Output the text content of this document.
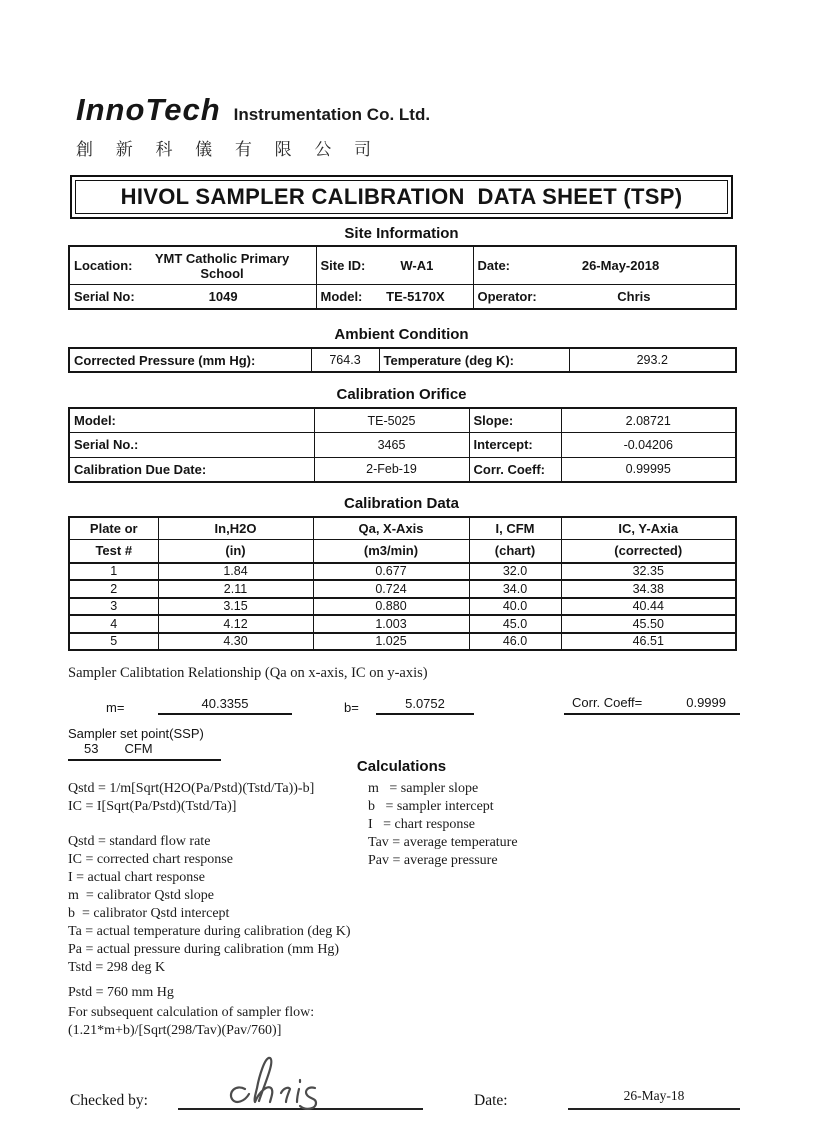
InnoTech Instrumentation Co. Ltd.
創 新 科 儀 有 限 公 司
HIVOL SAMPLER CALIBRATION  DATA SHEET (TSP)
Site Information
Location: YMT Catholic Primary
School	Site ID: W-A1	Date: 26-May-2018

Serial No: 1049	Model: TE-5170X	Operator: Chris
Ambient Condition
Corrected Pressure (mm Hg):	764.3	Temperature (deg K):	293.2
Calibration Orifice
Model:	TE-5025	Slope:	2.08721
Serial No.:	3465	Intercept:	-0.04206
Calibration Due Date:	2-Feb-19	Corr. Coeff:	0.99995
Calibration Data
Plate or	In,H2O	Qa, X-Axis	I, CFM	IC, Y-Axia
Test #	(in)	(m3/min)	(chart)	(corrected)
1	1.84	0.677	32.0	32.35
2	2.11	0.724	34.0	34.38
3	3.15	0.880	40.0	40.44
4	4.12	1.003	45.0	45.50
5	4.30	1.025	46.0	46.51
Sampler Calibtation Relationship (Qa on x-axis, IC on y-axis)
m=	40.3355	b=	5.0752	Corr. Coeff=	0.9999
Sampler set point(SSP)
53 CFM
Calculations
Qstd = 1/m[Sqrt(H2O(Pa/Pstd)(Tstd/Ta))-b]
IC = I[Sqrt(Pa/Pstd)(Tstd/Ta)]
Qstd = standard flow rate
IC = corrected chart response
I = actual chart response
m  = calibrator Qstd slope
b  = calibrator Qstd intercept
Ta = actual temperature during calibration (deg K)
Pa = actual pressure during calibration (mm Hg)
Tstd = 298 deg K
Pstd = 760 mm Hg
For subsequent calculation of sampler flow:
(1.21*m+b)/[Sqrt(298/Tav)(Pav/760)]
m   = sampler slope
b   = sampler intercept
I   = chart response
Tav = average temperature
Pav = average pressure
Checked by:	Date:	26-May-18
